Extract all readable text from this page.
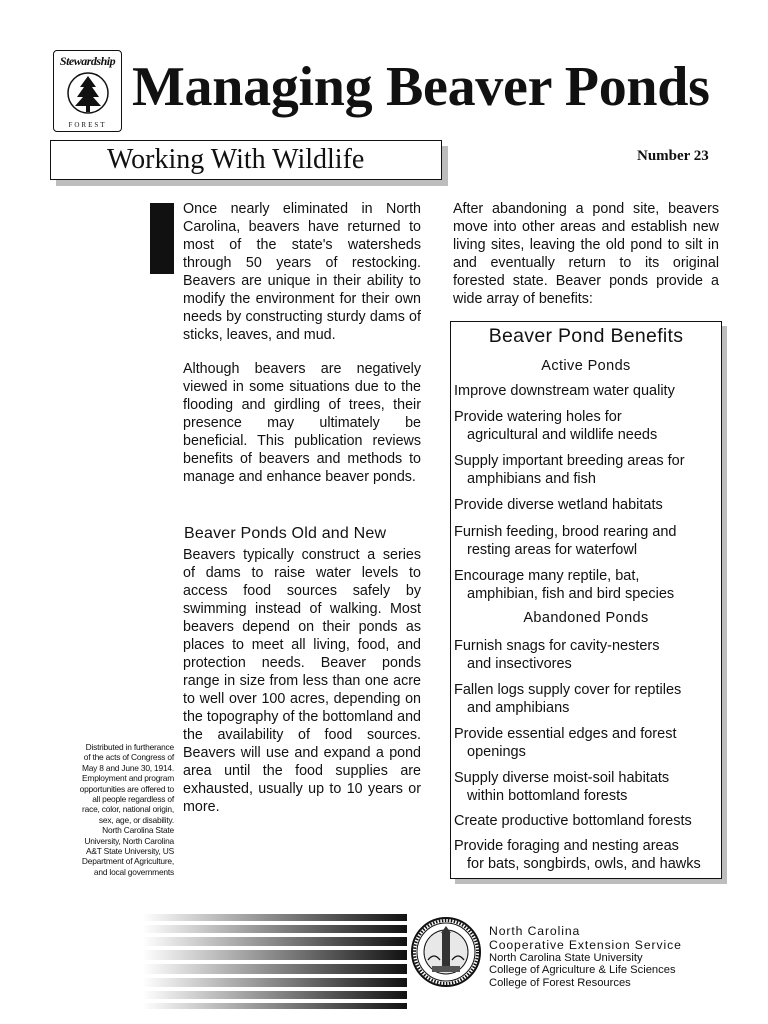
Stewardship
FOREST
Managing Beaver Ponds
Working With Wildlife	Number 23
Once nearly eliminated in North Carolina, beavers have returned to most of the state's watersheds through 50 years of restocking. Beavers are unique in their ability to modify the environment for their own needs by constructing sturdy dams of sticks, leaves, and mud.
Although beavers are negatively viewed in some situations due to the flooding and girdling of trees, their presence may ultimately be beneficial. This publication reviews benefits of beavers and methods to manage and enhance beaver ponds.
Beaver Ponds Old and New
Beavers typically construct a series of dams to raise water levels to access food sources safely by swimming instead of walking. Most beavers depend on their ponds as places to meet all living, food, and protection needs. Beaver ponds range in size from less than one acre to well over 100 acres, depending on the topography of the bottomland and the availability of food sources. Beavers will use and expand a pond area until the food supplies are exhausted, usually up to 10 years or more.
After abandoning a pond site, beavers move into other areas and establish new living sites, leaving the old pond to silt in and eventually return to its original forested state. Beaver ponds provide a wide array of benefits:
Beaver Pond Benefits
Active Ponds
Improve downstream water quality
Provide watering holes for
agricultural and wildlife needs
Supply important breeding areas for
amphibians and fish
Provide diverse wetland habitats
Furnish feeding, brood rearing and
resting areas for waterfowl
Encourage many reptile, bat,
amphibian, fish and bird species
Abandoned Ponds
Furnish snags for cavity-nesters
and insectivores
Fallen logs supply cover for reptiles
and amphibians
Provide essential edges and forest
openings
Supply diverse moist-soil habitats
within bottomland forests
Create productive bottomland forests
Provide foraging and nesting areas
for bats, songbirds, owls, and hawks
Distributed in furtherance
of the acts of Congress of
May 8 and June 30, 1914.
Employment and program
opportunities are offered to
all people regardless of
race, color, national origin,
sex, age, or disability.
North Carolina State
University, North Carolina
A&T State University, US
Department of Agriculture,
and local governments
North Carolina
Cooperative Extension Service
North Carolina State University
College of Agriculture & Life Sciences
College of Forest Resources
